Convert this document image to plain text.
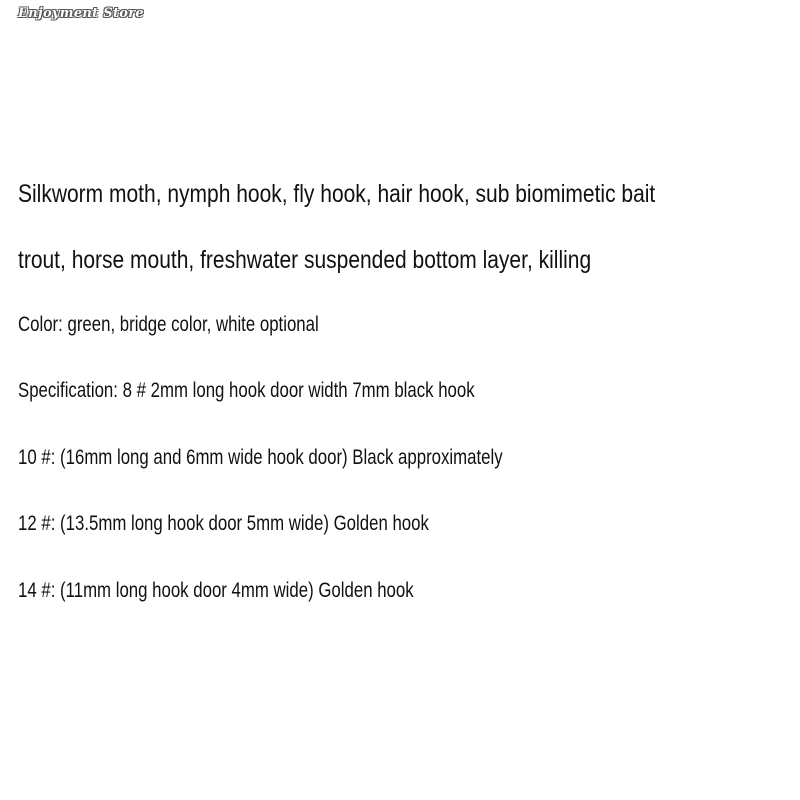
Enjoyment Store
Silkworm moth, nymph hook, fly hook, hair hook, sub biomimetic bait
trout, horse mouth, freshwater suspended bottom layer, killing
Color: green, bridge color, white optional
Specification: 8 # 2mm long hook door width 7mm black hook
10 #: (16mm long and 6mm wide hook door) Black approximately
12 #: (13.5mm long hook door 5mm wide) Golden hook
14 #: (11mm long hook door 4mm wide) Golden hook
